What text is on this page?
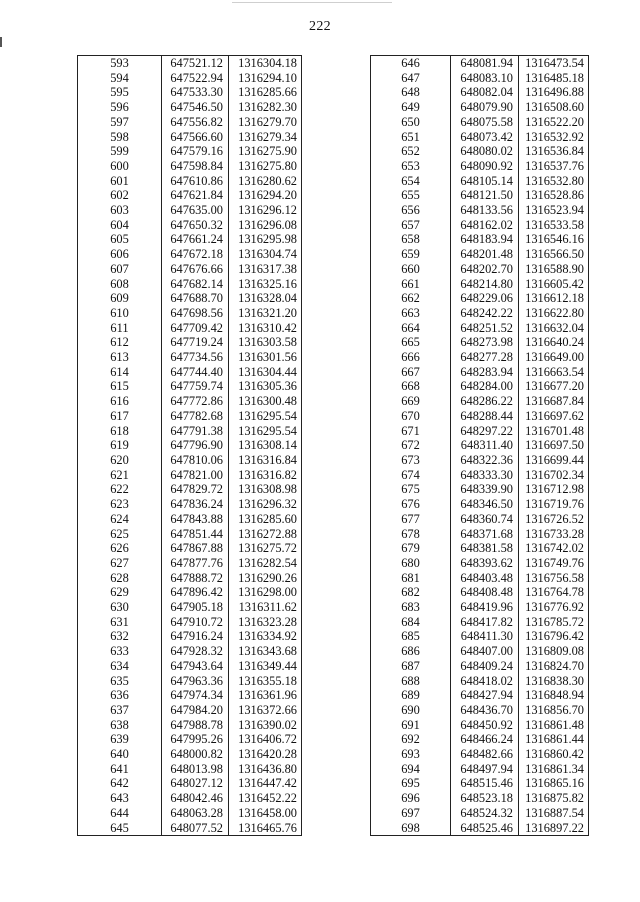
222
593	647521.12	1316304.18
594	647522.94	1316294.10
595	647533.30	1316285.66
596	647546.50	1316282.30
597	647556.82	1316279.70
598	647566.60	1316279.34
599	647579.16	1316275.90
600	647598.84	1316275.80
601	647610.86	1316280.62
602	647621.84	1316294.20
603	647635.00	1316296.12
604	647650.32	1316296.08
605	647661.24	1316295.98
606	647672.18	1316304.74
607	647676.66	1316317.38
608	647682.14	1316325.16
609	647688.70	1316328.04
610	647698.56	1316321.20
611	647709.42	1316310.42
612	647719.24	1316303.58
613	647734.56	1316301.56
614	647744.40	1316304.44
615	647759.74	1316305.36
616	647772.86	1316300.48
617	647782.68	1316295.54
618	647791.38	1316295.54
619	647796.90	1316308.14
620	647810.06	1316316.84
621	647821.00	1316316.82
622	647829.72	1316308.98
623	647836.24	1316296.32
624	647843.88	1316285.60
625	647851.44	1316272.88
626	647867.88	1316275.72
627	647877.76	1316282.54
628	647888.72	1316290.26
629	647896.42	1316298.00
630	647905.18	1316311.62
631	647910.72	1316323.28
632	647916.24	1316334.92
633	647928.32	1316343.68
634	647943.64	1316349.44
635	647963.36	1316355.18
636	647974.34	1316361.96
637	647984.20	1316372.66
638	647988.78	1316390.02
639	647995.26	1316406.72
640	648000.82	1316420.28
641	648013.98	1316436.80
642	648027.12	1316447.42
643	648042.46	1316452.22
644	648063.28	1316458.00
645	648077.52	1316465.76
646	648081.94	1316473.54
647	648083.10	1316485.18
648	648082.04	1316496.88
649	648079.90	1316508.60
650	648075.58	1316522.20
651	648073.42	1316532.92
652	648080.02	1316536.84
653	648090.92	1316537.76
654	648105.14	1316532.80
655	648121.50	1316528.86
656	648133.56	1316523.94
657	648162.02	1316533.58
658	648183.94	1316546.16
659	648201.48	1316566.50
660	648202.70	1316588.90
661	648214.80	1316605.42
662	648229.06	1316612.18
663	648242.22	1316622.80
664	648251.52	1316632.04
665	648273.98	1316640.24
666	648277.28	1316649.00
667	648283.94	1316663.54
668	648284.00	1316677.20
669	648286.22	1316687.84
670	648288.44	1316697.62
671	648297.22	1316701.48
672	648311.40	1316697.50
673	648322.36	1316699.44
674	648333.30	1316702.34
675	648339.90	1316712.98
676	648346.50	1316719.76
677	648360.74	1316726.52
678	648371.68	1316733.28
679	648381.58	1316742.02
680	648393.62	1316749.76
681	648403.48	1316756.58
682	648408.48	1316764.78
683	648419.96	1316776.92
684	648417.82	1316785.72
685	648411.30	1316796.42
686	648407.00	1316809.08
687	648409.24	1316824.70
688	648418.02	1316838.30
689	648427.94	1316848.94
690	648436.70	1316856.70
691	648450.92	1316861.48
692	648466.24	1316861.44
693	648482.66	1316860.42
694	648497.94	1316861.34
695	648515.46	1316865.16
696	648523.18	1316875.82
697	648524.32	1316887.54
698	648525.46	1316897.22
